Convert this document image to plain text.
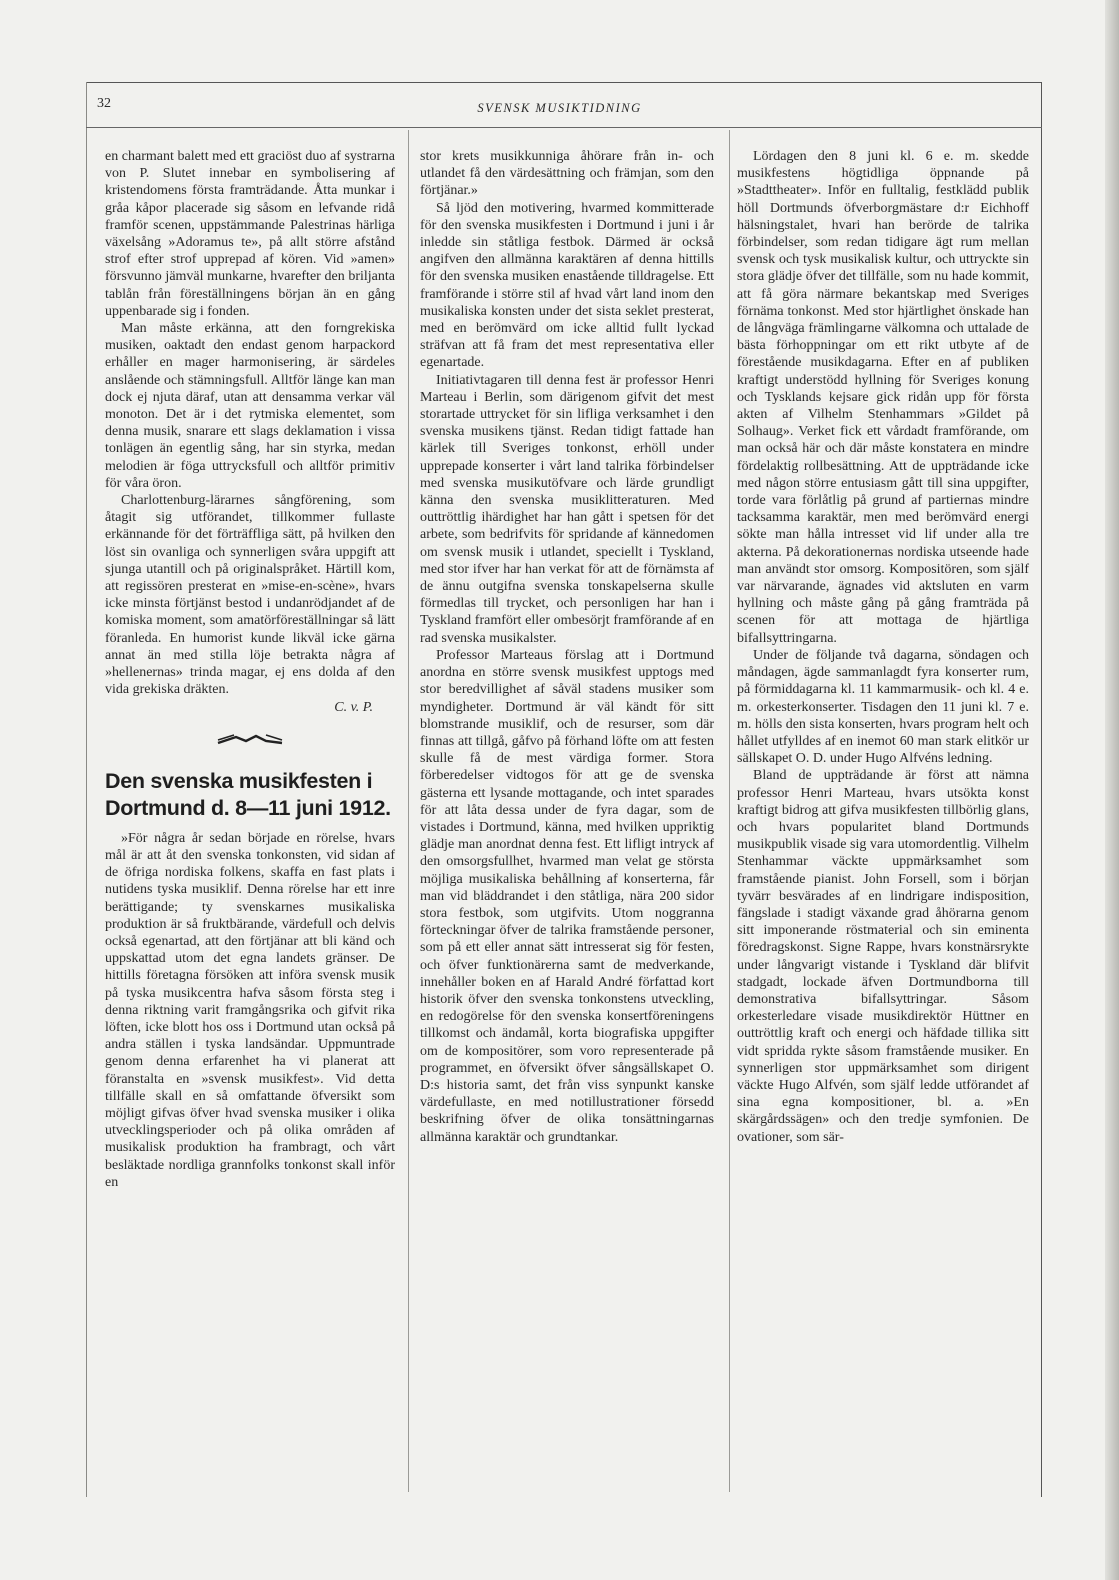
32	SVENSK MUSIKTIDNING

en charmant balett med ett graciöst duo af systrarna von P. Slutet innebar en symbolisering af kristendomens första framträdande. Åtta munkar i gråa kåpor placerade sig såsom en lefvande ridå framför scenen, uppstämmande Palestrinas härliga växelsång »Adoramus te», på allt större afstånd strof efter strof upprepad af kören. Vid »amen» försvunno jämväl munkarne, hvarefter den briljanta tablån från föreställningens början än en gång uppenbarade sig i fonden.

Man måste erkänna, att den forngrekiska musiken, oaktadt den endast genom harpackord erhåller en mager harmonisering, är särdeles anslående och stämningsfull. Alltför länge kan man dock ej njuta däraf, utan att densamma verkar väl monoton. Det är i det rytmiska elementet, som denna musik, snarare ett slags deklamation i vissa tonlägen än egentlig sång, har sin styrka, medan melodien är föga uttrycksfull och alltför primitiv för våra öron.

Charlottenburg-lärarnes sångförening, som åtagit sig utförandet, tillkommer fullaste erkännande för det förträffliga sätt, på hvilken den löst sin ovanliga och synnerligen svåra uppgift att sjunga utantill och på originalspråket. Härtill kom, att regissören presterat en »mise-en-scène», hvars icke minsta förtjänst bestod i undanrödjandet af de komiska moment, som amatörföreställningar så lätt föranleda. En humorist kunde likväl icke gärna annat än med stilla löje betrakta några af »hellenernas» trinda magar, ej ens dolda af den vida grekiska dräkten.

C. v. P.

Den svenska musikfesten i Dortmund d. 8—11 juni 1912.

»För några år sedan började en rörelse, hvars mål är att åt den svenska tonkonsten, vid sidan af de öfriga nordiska folkens, skaffa en fast plats i nutidens tyska musiklif. Denna rörelse har ett inre berättigande; ty svenskarnes musikaliska produktion är så fruktbärande, värdefull och delvis också egenartad, att den förtjänar att bli känd och uppskattad utom det egna landets gränser. De hittills företagna försöken att införa svensk musik på tyska musikcentra hafva såsom första steg i denna riktning varit framgångsrika och gifvit rika löften, icke blott hos oss i Dortmund utan också på andra ställen i tyska landsändar. Uppmuntrade genom denna erfarenhet ha vi planerat att föranstalta en »svensk musikfest». Vid detta tillfälle skall en så omfattande öfversikt som möjligt gifvas öfver hvad svenska musiker i olika utvecklingsperioder och på olika områden af musikalisk produktion ha frambragt, och vårt besläktade nordliga grannfolks tonkonst skall inför en

stor krets musikkunniga åhörare från in- och utlandet få den värdesättning och främjan, som den förtjänar.»

Så ljöd den motivering, hvarmed kommitterade för den svenska musikfesten i Dortmund i juni i år inledde sin ståtliga festbok. Därmed är också angifven den allmänna karaktären af denna hittills för den svenska musiken enastående tilldragelse. Ett framförande i större stil af hvad vårt land inom den musikaliska konsten under det sista seklet presterat, med en berömvärd om icke alltid fullt lyckad sträfvan att få fram det mest representativa eller egenartade.

Initiativtagaren till denna fest är professor Henri Marteau i Berlin, som därigenom gifvit det mest storartade uttrycket för sin lifliga verksamhet i den svenska musikens tjänst. Redan tidigt fattade han kärlek till Sveriges tonkonst, erhöll under upprepade konserter i vårt land talrika förbindelser med svenska musikutöfvare och lärde grundligt känna den svenska musiklitteraturen. Med outtröttlig ihärdighet har han gått i spetsen för det arbete, som bedrifvits för spridande af kännedomen om svensk musik i utlandet, speciellt i Tyskland, med stor ifver har han verkat för att de förnämsta af de ännu outgifna svenska tonskapelserna skulle förmedlas till trycket, och personligen har han i Tyskland framfört eller ombesörjt framförande af en rad svenska musikalster.

Professor Marteaus förslag att i Dortmund anordna en större svensk musikfest upptogs med stor beredvillighet af såväl stadens musiker som myndigheter. Dortmund är väl kändt för sitt blomstrande musiklif, och de resurser, som där finnas att tillgå, gåfvo på förhand löfte om att festen skulle få de mest värdiga former. Stora förberedelser vidtogos för att ge de svenska gästerna ett lysande mottagande, och intet sparades för att låta dessa under de fyra dagar, som de vistades i Dortmund, känna, med hvilken uppriktig glädje man anordnat denna fest. Ett lifligt intryck af den omsorgsfullhet, hvarmed man velat ge största möjliga musikaliska behållning af konserterna, får man vid bläddrandet i den ståtliga, nära 200 sidor stora festbok, som utgifvits. Utom noggranna förteckningar öfver de talrika framstående personer, som på ett eller annat sätt intresserat sig för festen, och öfver funktionärerna samt de medverkande, innehåller boken en af Harald André författad kort historik öfver den svenska tonkonstens utveckling, en redogörelse för den svenska konsertföreningens tillkomst och ändamål, korta biografiska uppgifter om de kompositörer, som voro representerade på programmet, en öfversikt öfver sångsällskapet O. D:s historia samt, det från viss synpunkt kanske värdefullaste, en med notillustrationer försedd beskrifning öfver de olika tonsättningarnas allmänna karaktär och grundtankar.

Lördagen den 8 juni kl. 6 e. m. skedde musikfestens högtidliga öppnande på »Stadttheater». Inför en fulltalig, festklädd publik höll Dortmunds öfverborgmästare d:r Eichhoff hälsningstalet, hvari han berörde de talrika förbindelser, som redan tidigare ägt rum mellan svensk och tysk musikalisk kultur, och uttryckte sin stora glädje öfver det tillfälle, som nu hade kommit, att få göra närmare bekantskap med Sveriges förnäma tonkonst. Med stor hjärtlighet önskade han de långväga främlingarne välkomna och uttalade de bästa förhoppningar om ett rikt utbyte af de förestående musikdagarna. Efter en af publiken kraftigt understödd hyllning för Sveriges konung och Tysklands kejsare gick ridån upp för första akten af Vilhelm Stenhammars »Gildet på Solhaug». Verket fick ett vårdadt framförande, om man också här och där måste konstatera en mindre fördelaktig rollbesättning. Att de uppträdande icke med någon större entusiasm gått till sina uppgifter, torde vara förlåtlig på grund af partiernas mindre tacksamma karaktär, men med berömvärd energi sökte man hålla intresset vid lif under alla tre akterna. På dekorationernas nordiska utseende hade man användt stor omsorg. Kompositören, som själf var närvarande, ägnades vid aktsluten en varm hyllning och måste gång på gång framträda på scenen för att mottaga de hjärtliga bifallsyttringarna.

Under de följande två dagarna, söndagen och måndagen, ägde sammanlagdt fyra konserter rum, på förmiddagarna kl. 11 kammarmusik- och kl. 4 e. m. orkesterkonserter. Tisdagen den 11 juni kl. 7 e. m. hölls den sista konserten, hvars program helt och hållet utfylldes af en inemot 60 man stark elitkör ur sällskapet O. D. under Hugo Alfvéns ledning.

Bland de uppträdande är först att nämna professor Henri Marteau, hvars utsökta konst kraftigt bidrog att gifva musikfesten tillbörlig glans, och hvars popularitet bland Dortmunds musikpublik visade sig vara utomordentlig. Vilhelm Stenhammar väckte uppmärksamhet som framstående pianist. John Forsell, som i början tyvärr besvärades af en lindrigare indisposition, fängslade i stadigt växande grad åhörarna genom sitt imponerande röstmaterial och sin eminenta föredragskonst. Signe Rappe, hvars konstnärsrykte under långvarigt vistande i Tyskland där blifvit stadgadt, lockade äfven Dortmundborna till demonstrativa bifallsyttringar. Såsom orkesterledare visade musikdirektör Hüttner en outtröttlig kraft och energi och häfdade tillika sitt vidt spridda rykte såsom framstående musiker. En synnerligen stor uppmärksamhet som dirigent väckte Hugo Alfvén, som själf ledde utförandet af sina egna kompositioner, bl. a. »En skärgårdssägen» och den tredje symfonien. De ovationer, som sär-
